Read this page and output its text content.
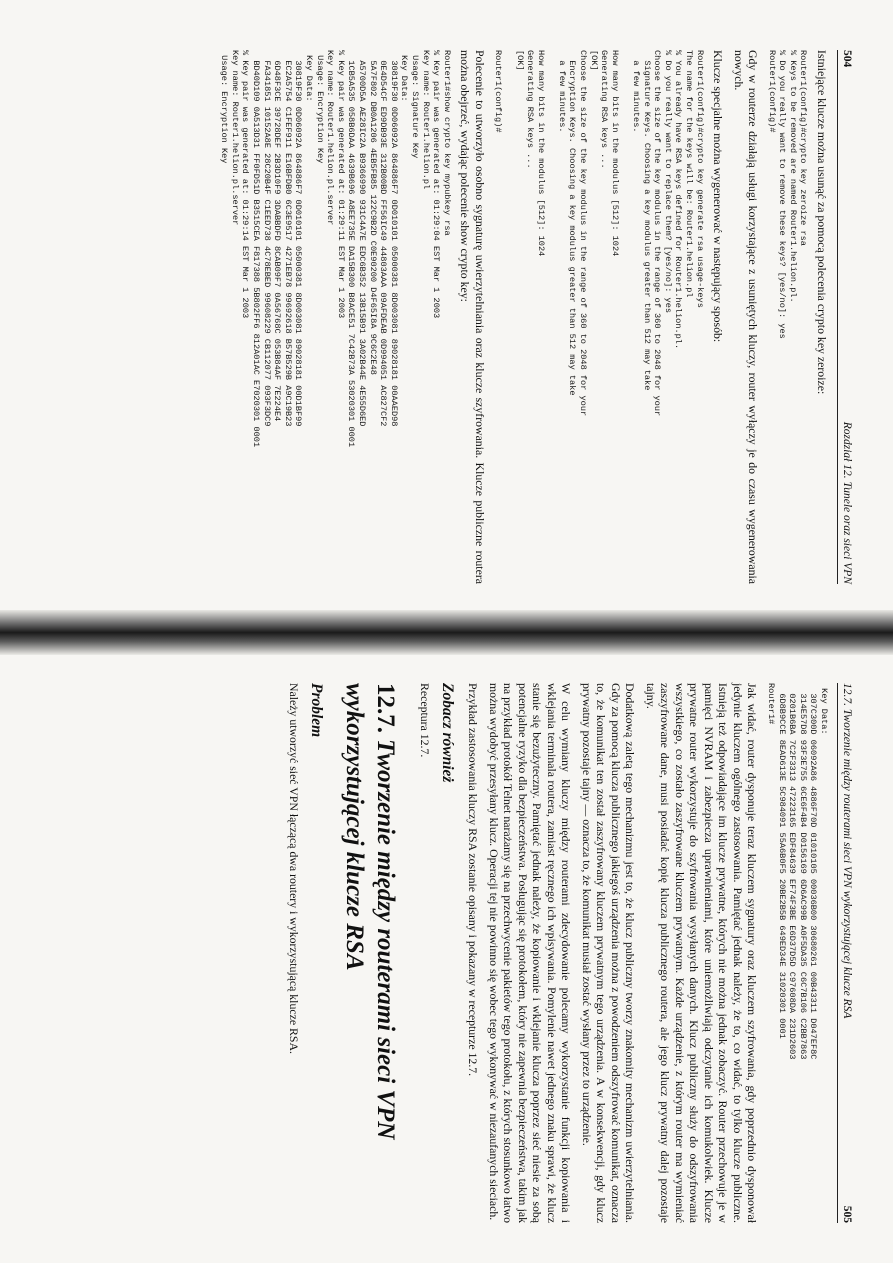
504
Rozdział 12. Tunele oraz sieci VPN

Istniejące klucze można usunąć za pomocą polecenia crypto key zeroize:

Router1(config)#crypto key zeroize rsa
% Keys to be removed are named Router1.helion.pl.
% Do you really want to remove these keys? [yes/no]: yes
Router1(config)#

Gdy w routerze działają usługi korzystające z usuniętych kluczy, router wyłączy je do czasu wygenerowania nowych.

Klucze specjalne można wygenerować w następujący sposób:

Router1(config)#crypto key generate rsa usage-keys
The name for the keys will be: Router1.helion.pl
% You already have RSA keys defined for Router1.helion.pl.
% Do you really want to replace them? [yes/no]: yes
Choose the size of the key modulus in the range of 360 to 2048 for your
Signature Keys. Choosing a key modulus greater than 512 may take
a few minutes.

How many bits in the modulus [512]: 1024
Generating RSA keys ...
[OK]
Choose the size of the key modulus in the range of 360 to 2048 for your
Encryption Keys. Choosing a key modulus greater than 512 may take
a few minutes.

How many bits in the modulus [512]: 1024
Generating RSA keys ...
[OK]

Router1(config)#

Polecenie to utworzyło osobno sygnaturę uwierzytelniania oraz klucze szyfrowania. Klucze publiczne routera można obejrzeć, wydając polecenie show crypto key:

Router1#show crypto key mypubkey rsa
% Key pair was generated at: 01:29:04 EST Mar 1 2003
Key name: Router1.helion.pl
Usage: Signature Key
Key Data:
30819F30 0D06092A 864886F7 0D010101 05000381 8D003081 89028181 00AAED98
0E4D54CF ED9DB93E 312B00BD FF56IC49 44803AAA 09AFDEAB 0D994051 AC827CF2
5A7F802 DB0A1206 4EB5FB85 122C9B2D C0E90200 D4F65I8A 9C6C2E48
A5700D5A AE28IC2A B9366990 931C4A7E EDC6B352 13B15B91 3A02B44E 4E55D6ED
1CB5A535 058B6DAA 4639B696 A8EE735E DA15B300 B8ACE51 7C42B73A 53020301 0001
% Key pair was generated at: 01:29:11 EST Mar 1 2003
Key name: Router1.helion.pl.server
Usage: Encryption Key
Key Data:
30819F30 0D06092A 864886F7 0D010101 05000381 8D003081 89028181 00D1BF99
EC2A5754 C1FEF911 E16BFDB0 6C3E9517 4271EB78 99692618 B57B529B A9C19B23
6D48F3CE 39728DEF 2B3D10F9 3DABBDFD 8CAB09F7 0A56768C 053B84AF 7E224E4
FA341851 10152A8E 28C20B4F C1EED738 4C78EBED 99608229 CB112077 093F3DC9
BD40D109 0A513D31 FF0FD51D B3515CEA F817388 5B802FF6 812A01AC E7020301 0001
% Key pair was generated at: 01:29:14 EST Mar 1 2003
Key name: Router1.helion.pl.server
Usage: Encryption Key
12.7. Tworzenie między routerami sieci VPN wykorzystującej klucze RSA
505
Key Data:
307C300D 06092A86 4886F70D 01010105 00036B00 30680261 00B43311 D047EF8C
314E57D8 93F3E755 6CE6F4B4 D0156169 6D6AC99B A0F5DA35 C6C7B106 C2BB7863
0201B6BA 7C2F3313 47223165 EDF84639 EF74F3BE E6D37D5D C97608DA 231D2603
6D8B9CCE 8EAD613E 5C984091 55A6B0F5 20BE2B5B 649ED34E 31020301 0001
Router1#

Jak widać, router dysponuje teraz kluczem sygnatury oraz kluczem szyfrowania, gdy poprzednio dysponował jedynie kluczem ogólnego zastosowania. Pamiętać jednak należy, że to, co widać, to tylko klucze publiczne. Istnieją też odpowiadające im klucze prywatne, których nie można jednak zobaczyć. Router przechowuje je w pamięci NVRAM i zabezpiecza uprawnieniami, które uniemożliwiają odczytanie ich komukolwiek. Klucze prywatne router wykorzystuje do szyfrowania wysyłanych danych. Klucz publiczny służy do odszyfrowania wszystkiego, co zostało zaszyfrowane kluczem prywatnym. Każde urządzenie, z którym router ma wymieniać zaszyfrowane dane, musi posiadać kopię klucza publicznego routera, ale jego klucz prywatny dalej pozostaje tajny.

Dodatkową zaletą tego mechanizmu jest to, że klucz publiczny tworzy znakomity mechanizm uwierzytelniania. Gdy za pomocą klucza publicznego jakiegoś urządzenia można z powodzeniem odszyfrować komunikat, oznacza to, że komunikat ten został zaszyfrowany kluczem prywatnym tego urządzenia. A w konsekwencji, gdy klucz prywatny pozostaje tajny — oznacza to, że komunikat musiał zostać wysłany przez to urządzenie.

W celu wymiany kluczy między routerami zdecydowanie polecamy wykorzystanie funkcji kopiowania i wklejania terminala routera, zamiast ręcznego ich wpisywania. Pomylenie nawet jednego znaku sprawi, że klucz stanie się bezużyteczny. Pamiętać jednak należy, że kopiowanie i wklejanie klucza poprzez sieć niesie za sobą potencjalne ryzyko dla bezpieczeństwa. Posługując się protokołem, który nie zapewnia bezpieczeństwa, takim jak na przykład protokół Telnet narażamy się na przechwycenie pakietów tego protokołu, z których stosunkowo łatwo można wydobyć przesyłany klucz. Operacji tej nie powinno się wobec tego wykonywać w niezaufanych sieciach.

Przykład zastosowania kluczy RSA zostanie opisany i pokazany w recepturze 12.7.

Zobacz również

Receptura 12.7.

12.7.Tworzenie między routerami sieci VPN wykorzystującej klucze RSA
Problem

Należy utworzyć sieć VPN łączącą dwa routery i wykorzystującą klucze RSA.
